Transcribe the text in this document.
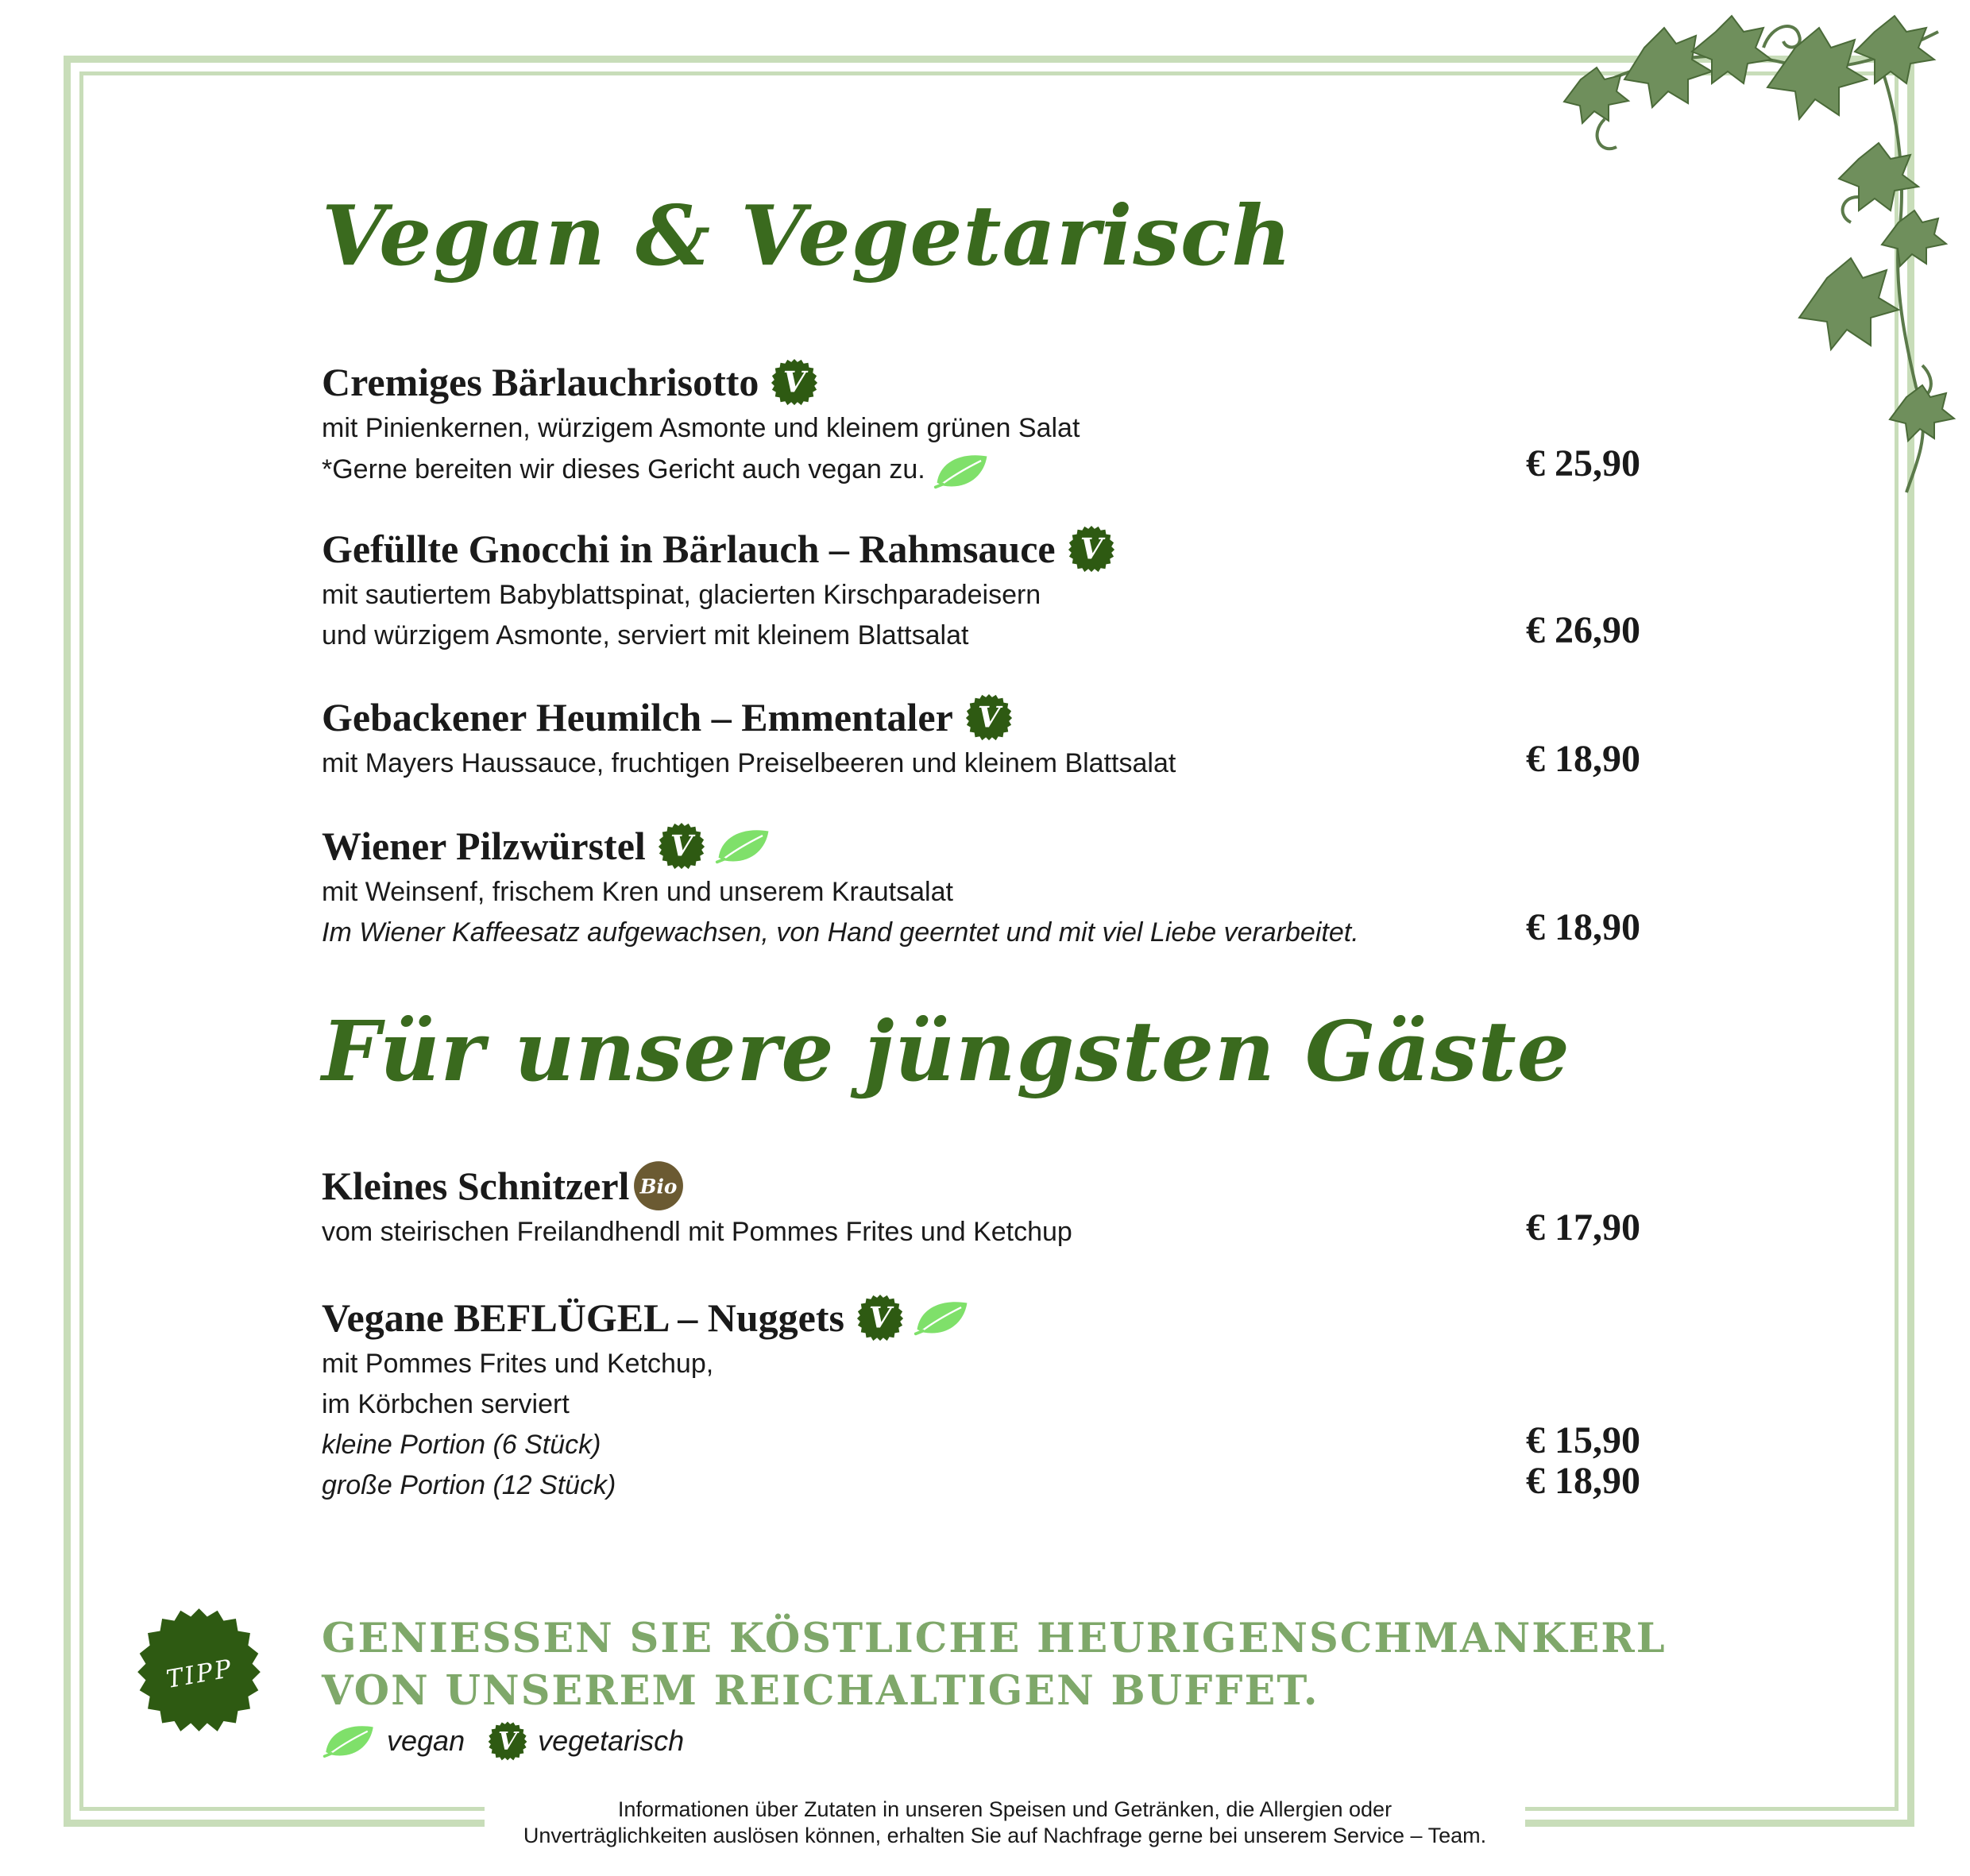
Vegan & Vegetarisch
Cremiges Bärlauchrisotto
mit Pinienkernen, würzigem Asmonte und kleinem grünen Salat
*Gerne bereiten wir dieses Gericht auch vegan zu.	€ 25,90
Gefüllte Gnocchi in Bärlauch – Rahmsauce
mit sautiertem Babyblattspinat, glacierten Kirschparadeisern
und würzigem Asmonte, serviert mit kleinem Blattsalat	€ 26,90
Gebackener Heumilch – Emmentaler
mit Mayers Haussauce, fruchtigen Preiselbeeren und kleinem Blattsalat	€ 18,90
Wiener Pilzwürstel
mit Weinsenf, frischem Kren und unserem Krautsalat
Im Wiener Kaffeesatz aufgewachsen, von Hand geerntet und mit viel Liebe verarbeitet.	€ 18,90
Für unsere jüngsten Gäste
Kleines Schnitzerl Bio
vom steirischen Freilandhendl mit Pommes Frites und Ketchup	€ 17,90
Vegane BEFLÜGEL – Nuggets
mit Pommes Frites und Ketchup,
im Körbchen serviert
kleine Portion (6 Stück)
große Portion (12 Stück)
€ 15,90
€ 18,90
TIPP
GENIESSEN SIE KÖSTLICHE HEURIGENSCHMANKERL
VON UNSEREM REICHALTIGEN BUFFET.
vegan	vegetarisch
Informationen über Zutaten in unseren Speisen und Getränken, die Allergien oder
Unverträglichkeiten auslösen können, erhalten Sie auf Nachfrage gerne bei unserem Service – Team.
